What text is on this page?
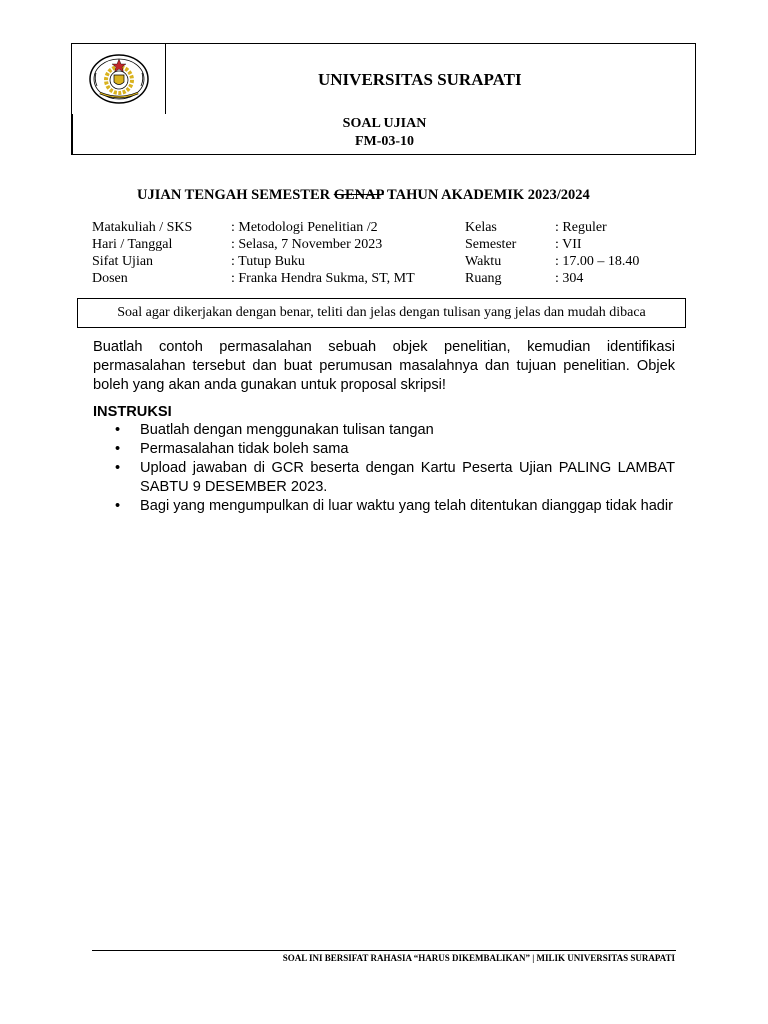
UNIVERSITAS SURAPATI
SOAL UJIAN
FM-03-10
UJIAN TENGAH SEMESTER GENAP TAHUN AKADEMIK 2023/2024
Matakuliah / SKS	: Metodologi Penelitian /2	Kelas	: Reguler
Hari / Tanggal	: Selasa, 7 November 2023	Semester	: VII
Sifat Ujian	: Tutup Buku	Waktu	: 17.00 – 18.40
Dosen	: Franka Hendra Sukma, ST, MT	Ruang	: 304
Soal agar dikerjakan dengan benar, teliti dan jelas dengan tulisan yang jelas dan mudah dibaca
Buatlah contoh permasalahan sebuah objek penelitian, kemudian identifikasi permasalahan tersebut dan buat perumusan masalahnya dan tujuan penelitian. Objek boleh yang akan anda gunakan untuk proposal skripsi!
INSTRUKSI
• Buatlah dengan menggunakan tulisan tangan
• Permasalahan tidak boleh sama
• Upload jawaban di GCR beserta dengan Kartu Peserta Ujian PALING LAMBAT SABTU 9 DESEMBER 2023.
• Bagi yang mengumpulkan di luar waktu yang telah ditentukan dianggap tidak hadir
SOAL INI BERSIFAT RAHASIA “HARUS DIKEMBALIKAN” | MILIK UNIVERSITAS SURAPATI
